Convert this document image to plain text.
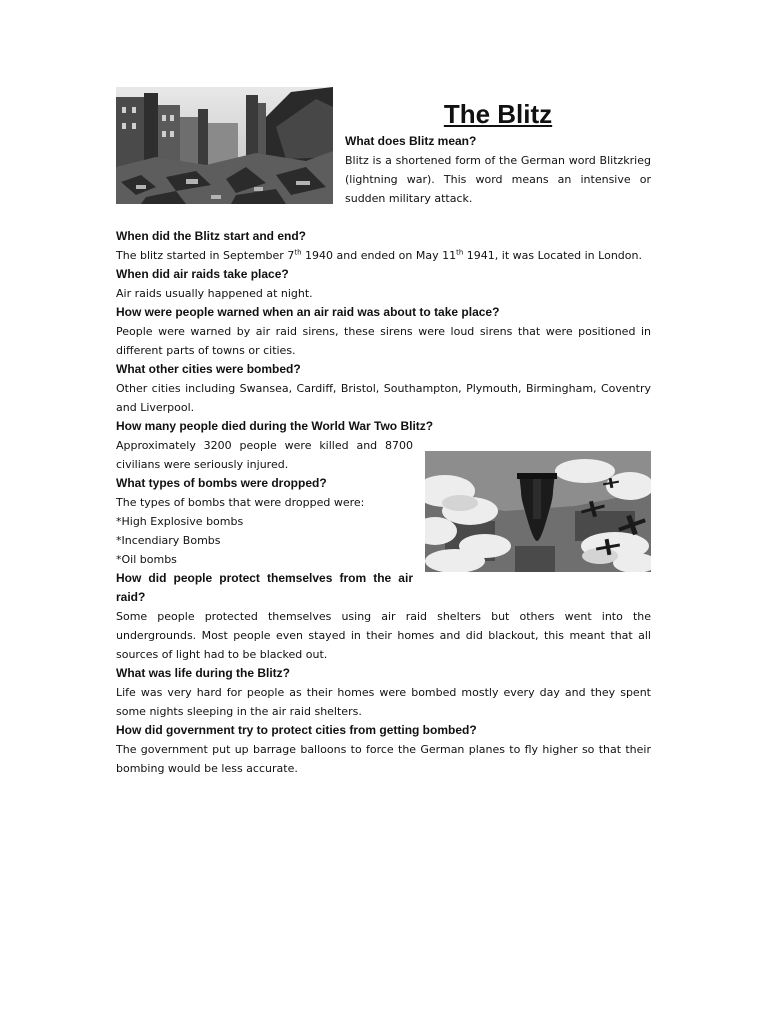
The Blitz

What does Blitz mean?

Blitz is a shortened form of the German word Blitzkrieg (lightning war). This word means an intensive or sudden military attack.

When did the Blitz start and end?

The blitz started in September 7th 1940 and ended on May 11th 1941, it was Located in London.

When did air raids take place?

Air raids usually happened at night.

How were people warned when an air raid was about to take place?

People were warned by air raid sirens, these sirens were loud sirens that were positioned in different parts of towns or cities.

What other cities were bombed?

Other cities including Swansea, Cardiff, Bristol, Southampton, Plymouth, Birmingham, Coventry and Liverpool.

How many people died during the World War Two Blitz?

Approximately 3200 people were killed and 8700 civilians were seriously injured.

What types of bombs were dropped?

The types of bombs that were dropped were:

*High Explosive bombs

*Incendiary Bombs

*Oil bombs

How did people protect themselves from the air raid?

Some people protected themselves using air raid shelters but others went into the undergrounds. Most people even stayed in their homes and did blackout, this meant that all sources of light had to be blacked out.

What was life during the Blitz?

Life was very hard for people as their homes were bombed mostly every day and they spent some nights sleeping in the air raid shelters.

How did government try to protect cities from getting bombed?

The government put up barrage balloons to force the German planes to fly higher so that their bombing would be less accurate.
